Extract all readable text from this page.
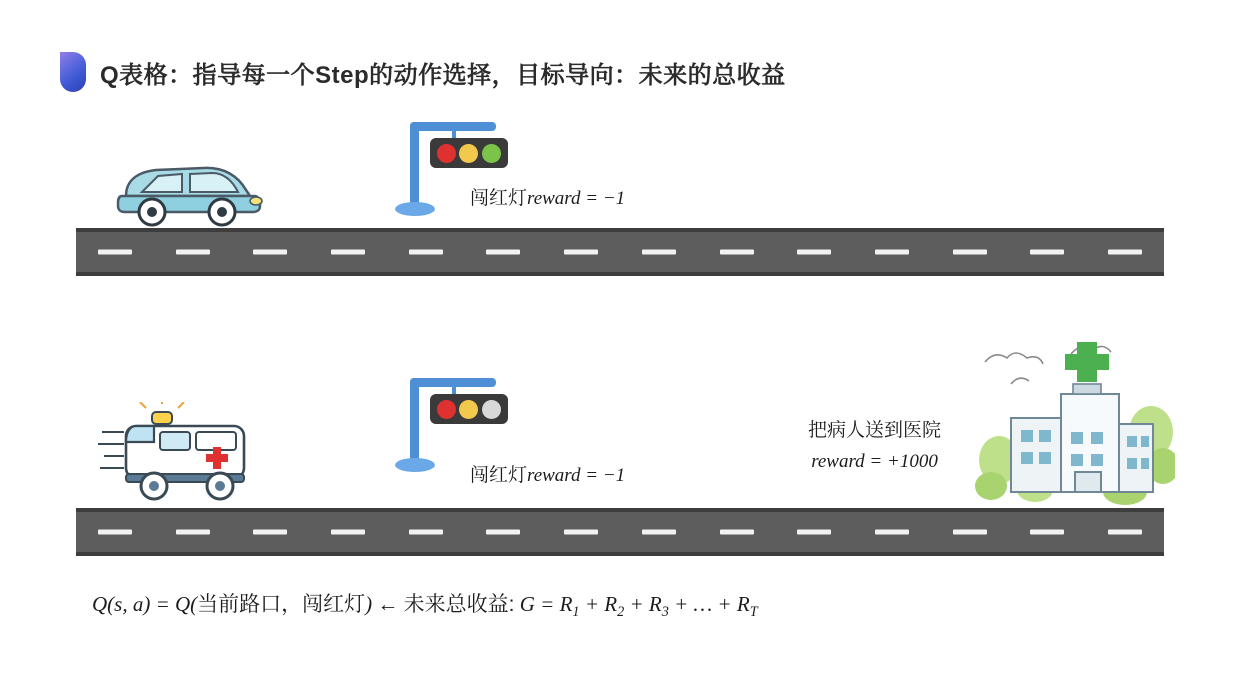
Q表格：指导每一个Step的动作选择，目标导向：未来的总收益
闯红灯reward = −1
闯红灯reward = −1
把病人送到医院
reward = +1000
Q(s, a) = Q(当前路口，闯红灯) ← 未来总收益: $G = R_1 + R_2 + R_3$ + … + $R_T$
